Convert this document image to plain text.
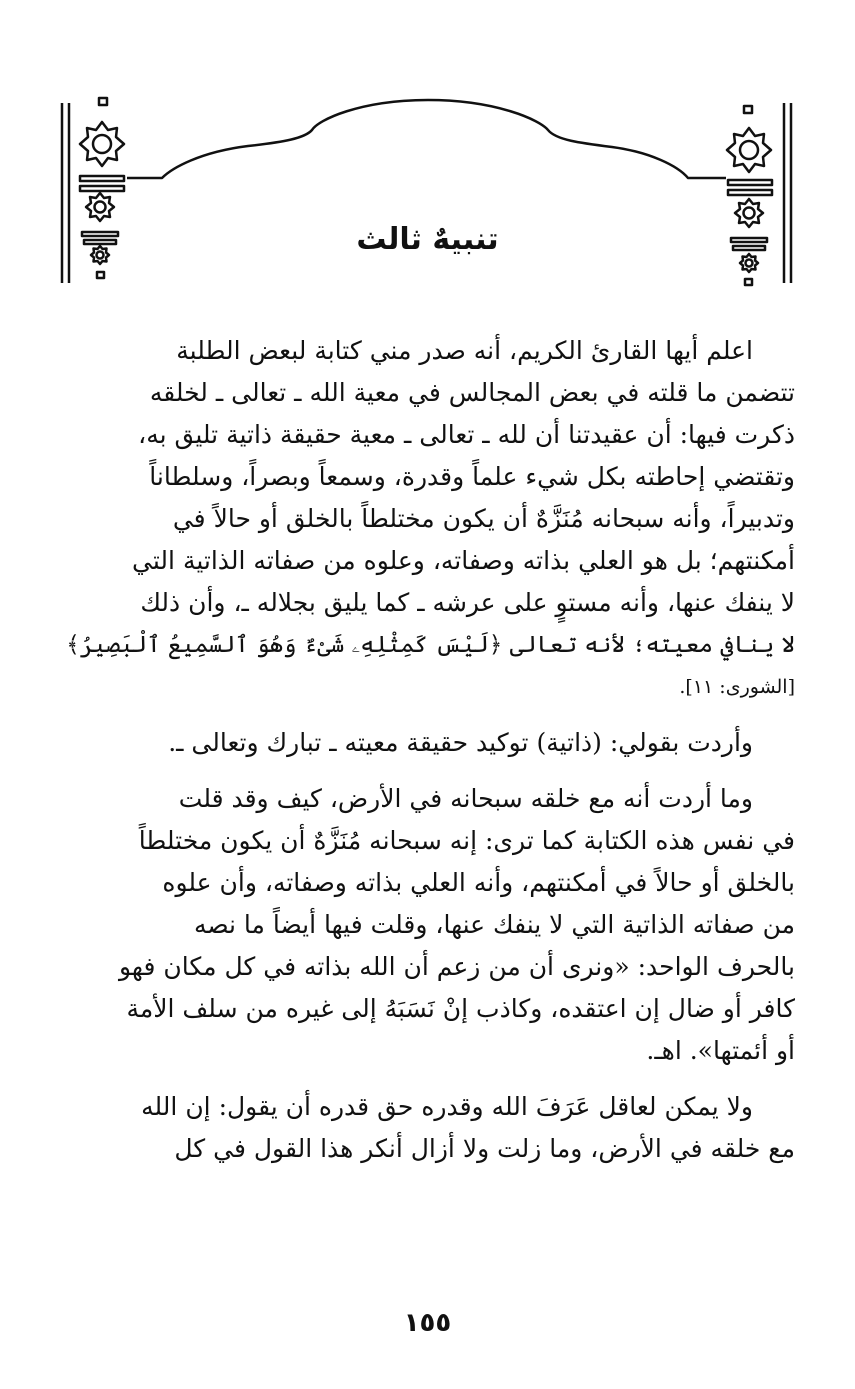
تنبيهٌ ثالث

اعلم أيها القارئ الكريم، أنه صدر مني كتابة لبعض الطلبة
تتضمن ما قلته في بعض المجالس في معية الله ـ تعالى ـ لخلقه
ذكرت فيها: أن عقيدتنا أن لله ـ تعالى ـ معية حقيقة ذاتية تليق به،
وتقتضي إحاطته بكل شيء علماً وقدرة، وسمعاً وبصراً، وسلطاناً
وتدبيراً، وأنه سبحانه مُنَزَّهٌ أن يكون مختلطاً بالخلق أو حالاً في
أمكنتهم؛ بل هو العلي بذاته وصفاته، وعلوه من صفاته الذاتية التي
لا ينفك عنها، وأنه مستوٍ على عرشه ـ كما يليق بجلاله ـ، وأن ذلك
لا ينافي معيته؛ لأنه تعالى ﴿لَيْسَ كَمِثْلِهِۦ شَىْءٌ وَهُوَ ٱلسَّمِيعُ ٱلْبَصِيرُ﴾
[الشورى: ١١].

وأردت بقولي: (ذاتية) توكيد حقيقة معيته ـ تبارك وتعالى ـ.

وما أردت أنه مع خلقه سبحانه في الأرض، كيف وقد قلت
في نفس هذه الكتابة كما ترى: إنه سبحانه مُنَزَّهٌ أن يكون مختلطاً
بالخلق أو حالاً في أمكنتهم، وأنه العلي بذاته وصفاته، وأن علوه
من صفاته الذاتية التي لا ينفك عنها، وقلت فيها أيضاً ما نصه
بالحرف الواحد: «ونرى أن من زعم أن الله بذاته في كل مكان فهو
كافر أو ضال إن اعتقده، وكاذب إنْ نَسَبَهُ إلى غيره من سلف الأمة
أو أئمتها». اهـ.

ولا يمكن لعاقل عَرَفَ الله وقدره حق قدره أن يقول: إن الله
مع خلقه في الأرض، وما زلت ولا أزال أنكر هذا القول في كل

١٥٥
